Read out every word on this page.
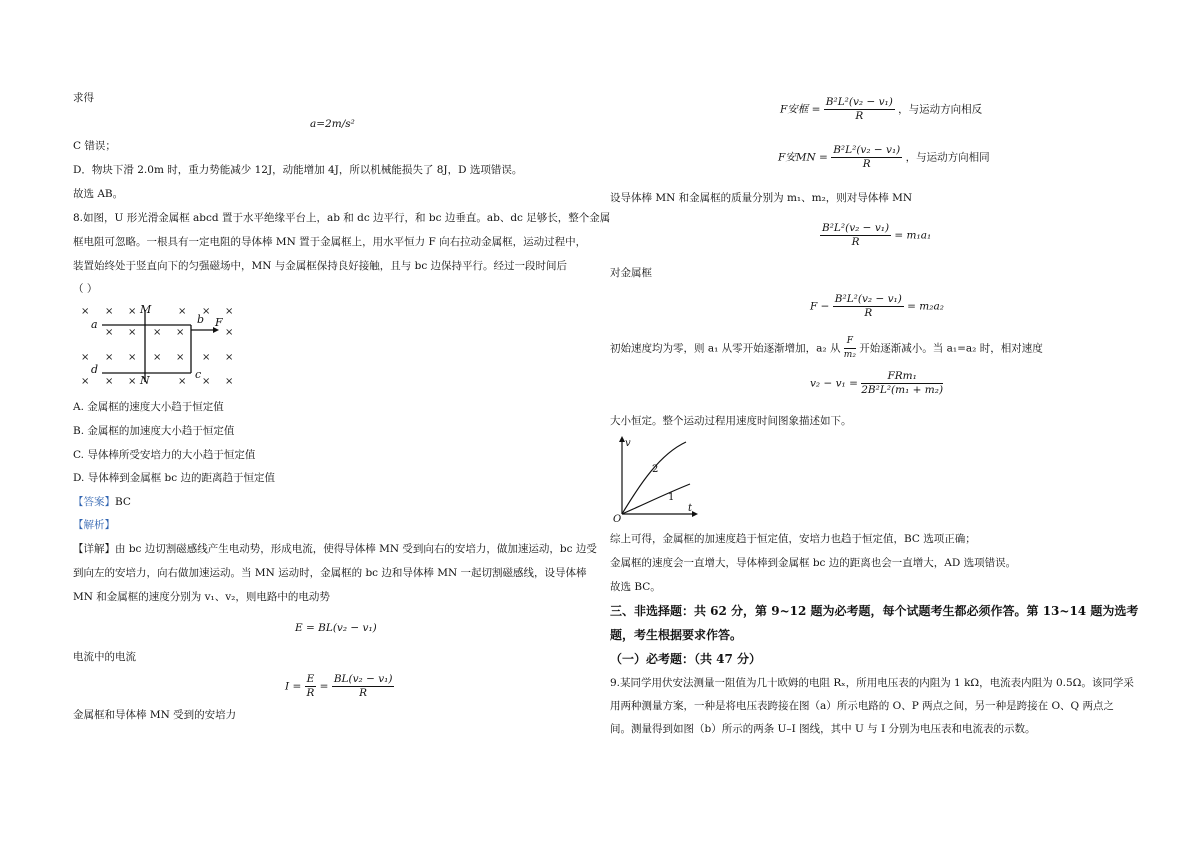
求得
a=2m/s²
C 错误；
D．物块下滑 2.0m 时，重力势能减少 12J，动能增加 4J，所以机械能损失了 8J，D 选项错误。
故选 AB。
8.如图，U 形光滑金属框 abcd 置于水平绝缘平台上，ab 和 dc 边平行，和 bc 边垂直。ab、dc 足够长，整个金属
框电阻可忽略。一根具有一定电阻的导体棒 MN 置于金属框上，用水平恒力 F 向右拉动金属框，运动过程中，
装置始终处于竖直向下的匀强磁场中，MN 与金属框保持良好接触，且与 bc 边保持平行。经过一段时间后
（ ）
× × ×	× × ×
× × × ×	×
× × × × × × ×
× × ×	× × ×
M
N
a
d
b
c
F
A. 金属框的速度大小趋于恒定值
B. 金属框的加速度大小趋于恒定值
C. 导体棒所受安培力的大小趋于恒定值
D. 导体棒到金属框 bc 边的距离趋于恒定值
【答案】BC
【解析】
【详解】由 bc 边切割磁感线产生电动势，形成电流，使得导体棒 MN 受到向右的安培力，做加速运动，bc 边受
到向左的安培力，向右做加速运动。当 MN 运动时，金属框的 bc 边和导体棒 MN 一起切割磁感线，设导体棒
MN 和金属框的速度分别为 v₁、v₂，则电路中的电动势
E = BL(v₂ − v₁)
电流中的电流
$I = \frac{E}{R} = \frac{\text{BL(v₂ − v₁)}}{R}$
金属框和导体棒 MN 受到的安培力
F安框 = $\frac{\text{B²L²(v₂ − v₁)}}{R}$ ，与运动方向相反
F安MN = $\frac{\text{B²L²(v₂ − v₁)}}{R}$ ，与运动方向相同
设导体棒 MN 和金属框的质量分别为 m₁、m₂，则对导体棒 MN
$\frac{\text{B²L²(v₂ − v₁)}}{R} = m_1a_1$
对金属框
$F - \frac{\text{B²L²(v₂ − v₁)}}{R} = m_2a_2$
初始速度均为零，则 a₁ 从零开始逐渐增加，a₂ 从 $\frac{F}{\text{m₂}}$ 开始逐渐减小。当 a₁=a₂ 时，相对速度
$v_2 - v_1 = \frac{\text{FRm₁}}{\text{2B²L²(m₁ + m₂)}}$
大小恒定。整个运动过程用速度时间图象描述如下。
v
t
O
2
1
综上可得，金属框的加速度趋于恒定值，安培力也趋于恒定值，BC 选项正确；
金属框的速度会一直增大，导体棒到金属框 bc 边的距离也会一直增大，AD 选项错误。
故选 BC。
三、非选择题：共 62 分，第 9~12 题为必考题，每个试题考生都必须作答。第 13~14 题为选考
题，考生根据要求作答。
（一）必考题：（共 47 分）
9.某同学用伏安法测量一阻值为几十欧姆的电阻 Rₓ，所用电压表的内阻为 1 kΩ，电流表内阻为 0.5Ω。该同学采
用两种测量方案，一种是将电压表跨接在图（a）所示电路的 O、P 两点之间，另一种是跨接在 O、Q 两点之
间。测量得到如图（b）所示的两条 U–I 图线，其中 U 与 I 分别为电压表和电流表的示数。
